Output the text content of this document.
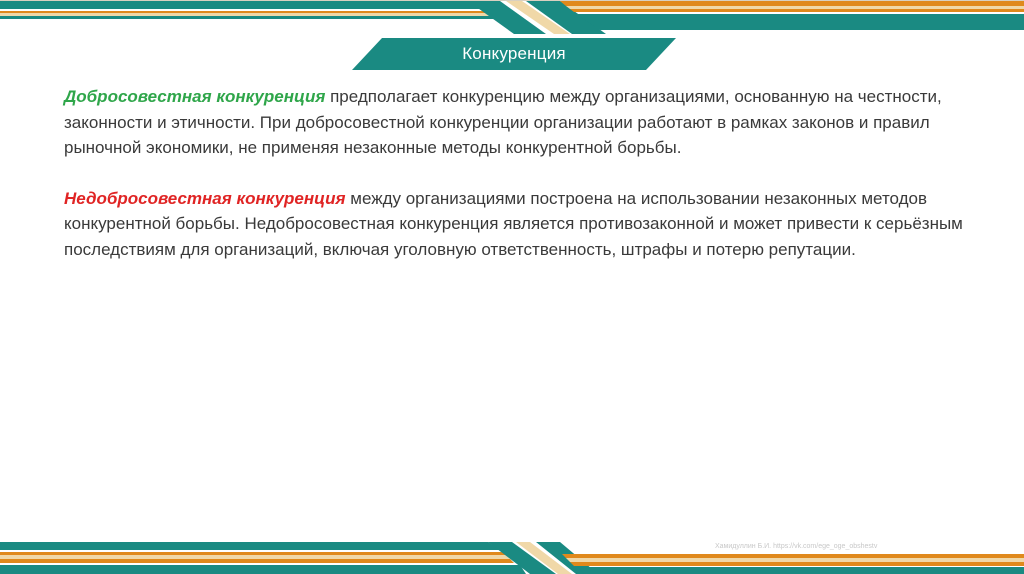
Конкуренция

Добросовестная конкуренция предполагает конкуренцию между организациями, основанную на честности, законности и этичности. При добросовестной конкуренции организации работают в рамках законов и правил рыночной экономики, не применяя незаконные методы конкурентной борьбы.

Недобросовестная конкуренция между организациями построена на использовании незаконных методов конкурентной борьбы. Недобросовестная конкуренция является противозаконной и может привести к серьёзным последствиям для организаций, включая уголовную ответственность, штрафы и потерю репутации.

Хамидуллин Б.И. https://vk.com/ege_oge_obshestv
